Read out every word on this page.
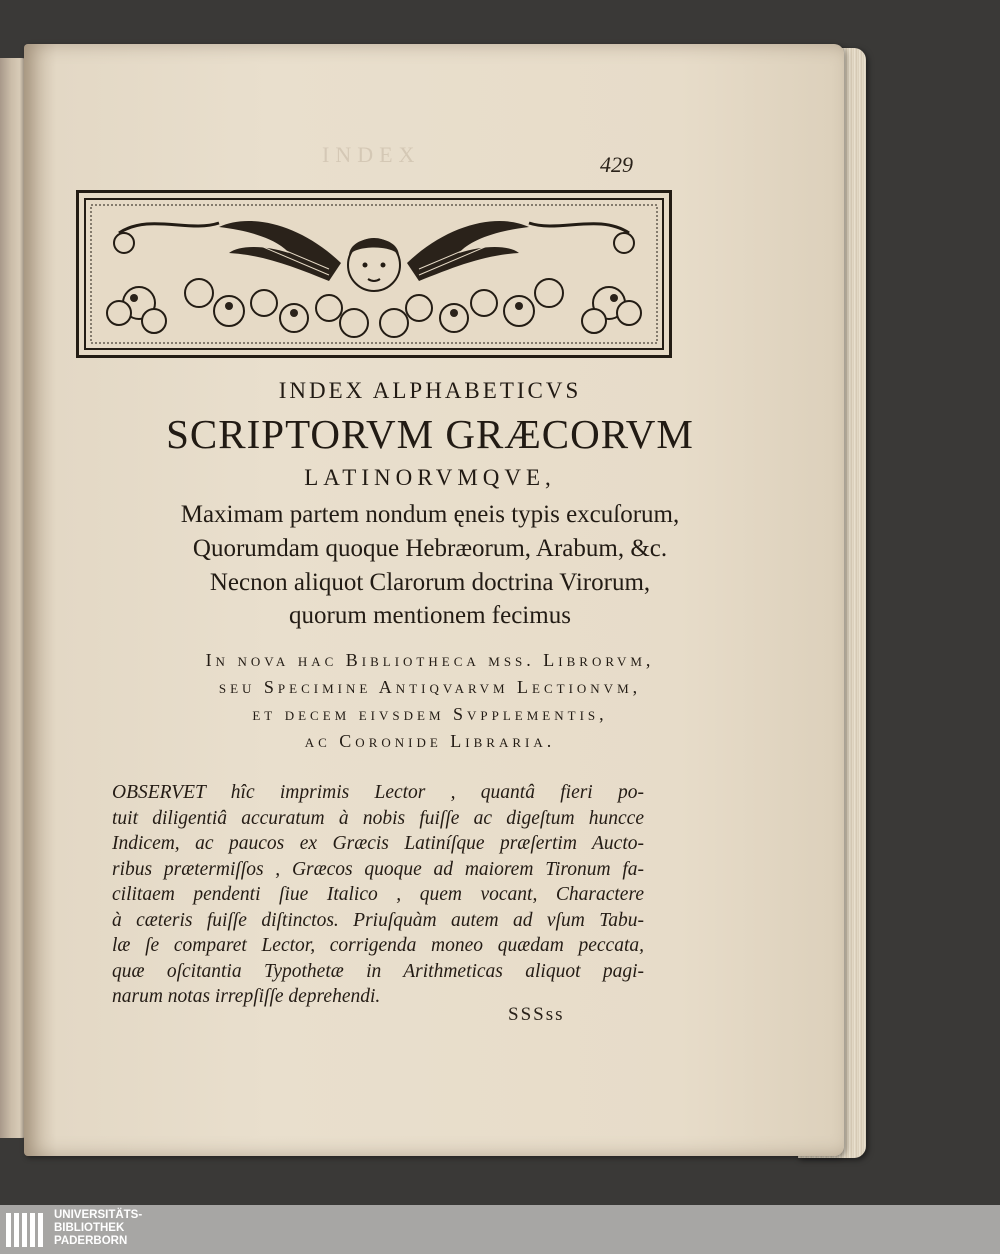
INDEX	429
INDEX ALPHABETICVS
SCRIPTORVM GRÆCORVM
LATINORVMQVE,
Maximam partem nondum ęneis typis excuſorum,
Quorumdam quoque Hebræorum, Arabum, &c.
Necnon aliquot Clarorum doctrina Virorum,
quorum mentionem fecimus
In nova hac Bibliotheca mss. Librorvm,
seu Specimine Antiqvarvm Lectionvm,
et decem eivsdem Svpplementis,
ac Coronide Libraria.
OBSERVET hîc imprimis Lector , quantâ fieri po-
tuit diligentiâ accuratum à nobis fuiſſe ac digeſtum huncce
Indicem, ac paucos ex Græcis Latiníſque præſertim Aucto-
ribus prætermiſſos , Græcos quoque ad maiorem Tironum fa-
cilitaem pendenti ſiue Italico , quem vocant, Charactere
à cæteris fuiſſe diſtinctos. Priuſquàm autem ad vſum Tabu-
læ ſe comparet Lector, corrigenda moneo quædam peccata,
quæ oſcitantia Typothetæ in Arithmeticas aliquot pagi-
narum notas irrepſiſſe deprehendi.
SSSss
UNIVERSITÄTS-
BIBLIOTHEK
PADERBORN
